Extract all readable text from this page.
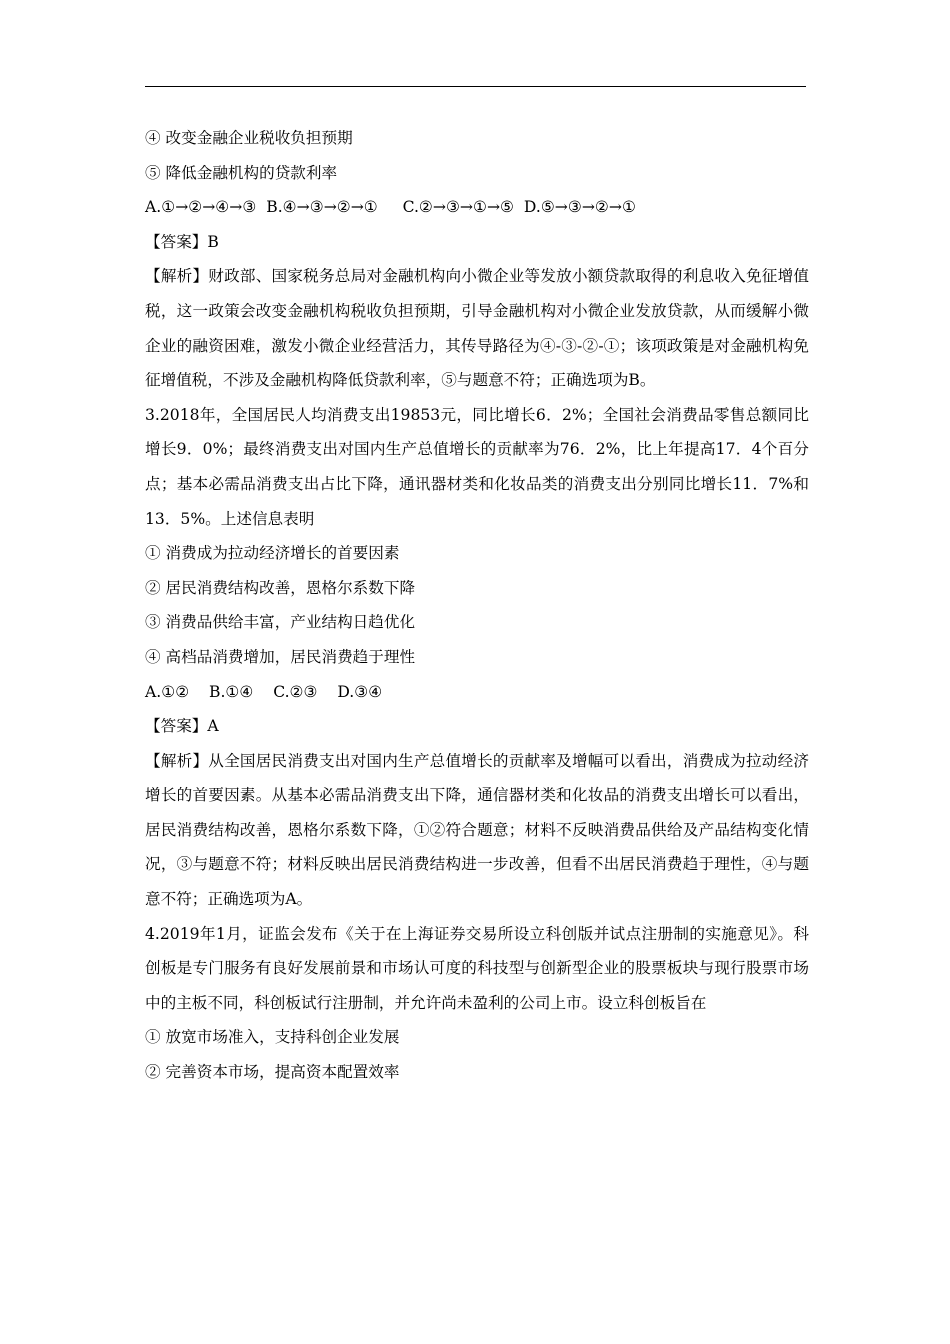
④ 改变金融企业税收负担预期

⑤ 降低金融机构的贷款利率

A.①→②→④→③  B.④→③→②→①     C.②→③→①→⑤  D.⑤→③→②→①

【答案】B

【解析】财政部、国家税务总局对金融机构向小微企业等发放小额贷款取得的利息收入免征增值税，这一政策会改变金融机构税收负担预期，引导金融机构对小微企业发放贷款，从而缓解小微企业的融资困难，激发小微企业经营活力，其传导路径为④-③-②-①；该项政策是对金融机构免征增值税，不涉及金融机构降低贷款利率，⑤与题意不符；正确选项为B。

3.2018年，全国居民人均消费支出19853元，同比增长6．2%；全国社会消费品零售总额同比增长9．0%；最终消费支出对国内生产总值增长的贡献率为76．2%，比上年提高17．4个百分点；基本必需品消费支出占比下降，通讯器材类和化妆品类的消费支出分别同比增长11．7%和13．5%。上述信息表明

① 消费成为拉动经济增长的首要因素

② 居民消费结构改善，恩格尔系数下降

③ 消费品供给丰富，产业结构日趋优化

④ 高档品消费增加，居民消费趋于理性

A.①②    B.①④    C.②③    D.③④

【答案】A

【解析】从全国居民消费支出对国内生产总值增长的贡献率及增幅可以看出，消费成为拉动经济增长的首要因素。从基本必需品消费支出下降，通信器材类和化妆品的消费支出增长可以看出，居民消费结构改善，恩格尔系数下降，①②符合题意；材料不反映消费品供给及产品结构变化情况，③与题意不符；材料反映出居民消费结构进一步改善，但看不出居民消费趋于理性，④与题意不符；正确选项为A。

4.2019年1月，证监会发布《关于在上海证券交易所设立科创版并试点注册制的实施意见》。科创板是专门服务有良好发展前景和市场认可度的科技型与创新型企业的股票板块与现行股票市场中的主板不同，科创板试行注册制，并允许尚未盈利的公司上市。设立科创板旨在

① 放宽市场准入，支持科创企业发展

② 完善资本市场，提高资本配置效率
